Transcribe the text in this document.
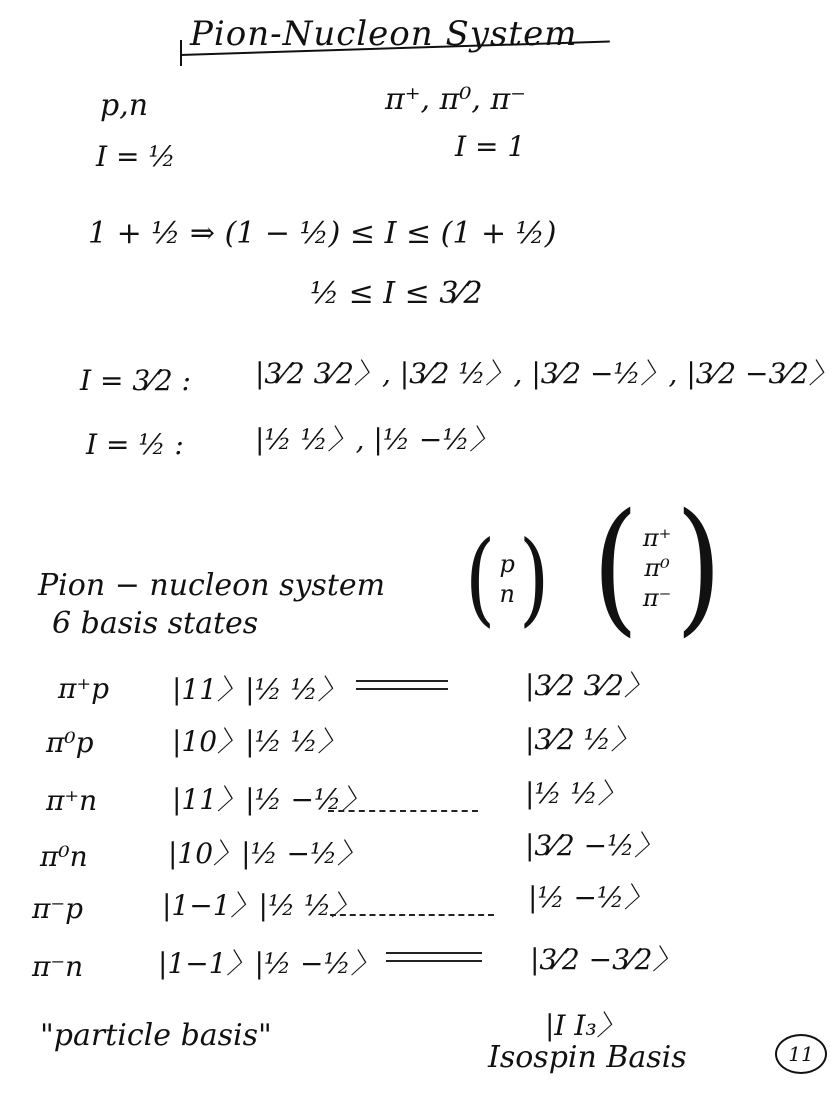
Pion-Nucleon System
p,n	π⁺, π⁰, π⁻
I = ½	I = 1
1 + ½ ⇒ (1 − ½) ≤ I ≤ (1 + ½)
½ ≤ I ≤ 3⁄2
I = 3⁄2 : |3⁄2 3⁄2〉, |3⁄2 ½〉, |3⁄2 −½〉, |3⁄2 −3⁄2〉
I = ½ :	|½ ½〉, |½ −½〉
Pion − nucleon system
6 basis states	( p
n ) ( π⁺
π⁰
π⁻ )
π⁺p |11〉|½ ½〉	|3⁄2 3⁄2〉
π⁰p	|10〉|½ ½〉	|3⁄2 ½〉
π⁺n	|11〉|½ −½〉	|½ ½〉
π⁰n	|10〉|½ −½〉	|3⁄2 −½〉
π⁻p	|1−1〉|½ ½〉	|½ −½〉
π⁻n	|1−1〉|½ −½〉	|3⁄2 −3⁄2〉
"particle basis"	|I I₃〉
Isospin Basis	11
